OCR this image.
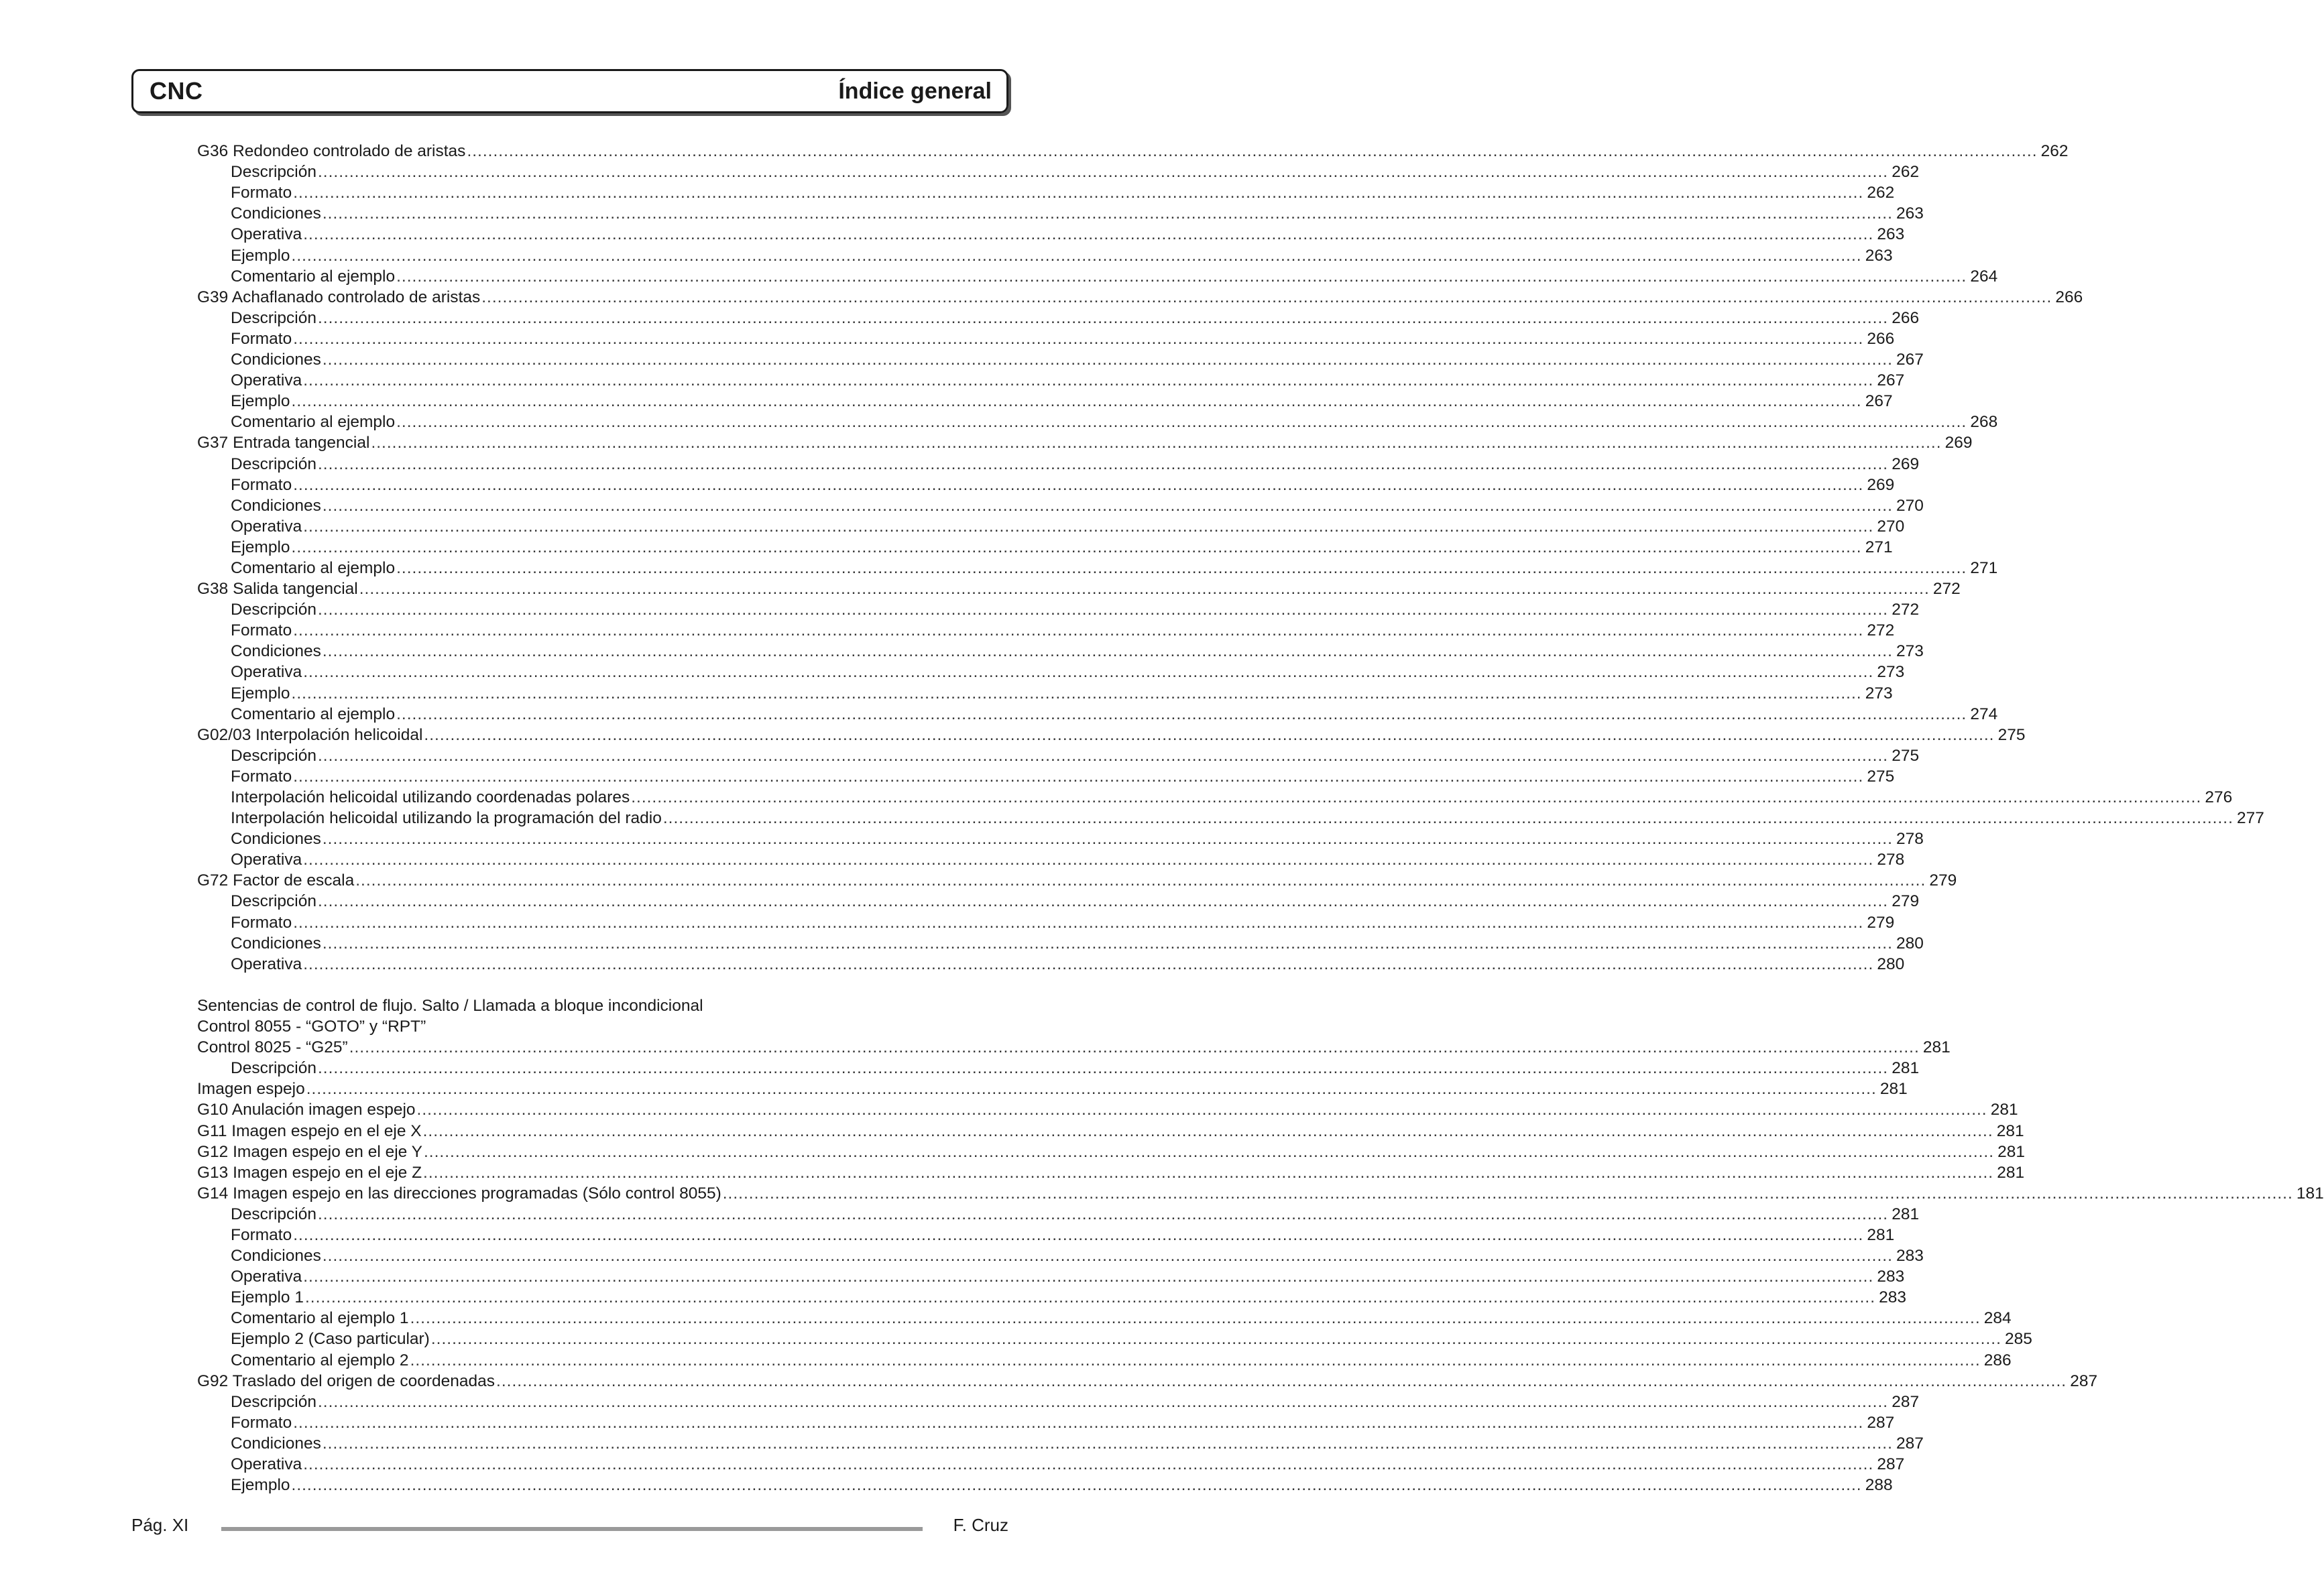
CNC	Índice general
G36 Redondeo controlado de aristas ............................................................................................................................................................................................................................................................................................................ 262
Descripción ............................................................................................................................................................................................................................................................................................................ 262
Formato ............................................................................................................................................................................................................................................................................................................ 262
Condiciones ............................................................................................................................................................................................................................................................................................................ 263
Operativa ............................................................................................................................................................................................................................................................................................................ 263
Ejemplo ............................................................................................................................................................................................................................................................................................................ 263
Comentario al ejemplo ............................................................................................................................................................................................................................................................................................................ 264
G39 Achaflanado controlado de aristas ............................................................................................................................................................................................................................................................................................................ 266
Descripción ............................................................................................................................................................................................................................................................................................................ 266
Formato ............................................................................................................................................................................................................................................................................................................ 266
Condiciones ............................................................................................................................................................................................................................................................................................................ 267
Operativa ............................................................................................................................................................................................................................................................................................................ 267
Ejemplo ............................................................................................................................................................................................................................................................................................................ 267
Comentario al ejemplo ............................................................................................................................................................................................................................................................................................................ 268
G37 Entrada tangencial ............................................................................................................................................................................................................................................................................................................ 269
Descripción ............................................................................................................................................................................................................................................................................................................ 269
Formato ............................................................................................................................................................................................................................................................................................................ 269
Condiciones ............................................................................................................................................................................................................................................................................................................ 270
Operativa ............................................................................................................................................................................................................................................................................................................ 270
Ejemplo ............................................................................................................................................................................................................................................................................................................ 271
Comentario al ejemplo ............................................................................................................................................................................................................................................................................................................ 271
G38 Salida tangencial ............................................................................................................................................................................................................................................................................................................ 272
Descripción ............................................................................................................................................................................................................................................................................................................ 272
Formato ............................................................................................................................................................................................................................................................................................................ 272
Condiciones ............................................................................................................................................................................................................................................................................................................ 273
Operativa ............................................................................................................................................................................................................................................................................................................ 273
Ejemplo ............................................................................................................................................................................................................................................................................................................ 273
Comentario al ejemplo ............................................................................................................................................................................................................................................................................................................ 274
G02/03 Interpolación helicoidal ............................................................................................................................................................................................................................................................................................................ 275
Descripción ............................................................................................................................................................................................................................................................................................................ 275
Formato ............................................................................................................................................................................................................................................................................................................ 275
Interpolación helicoidal utilizando coordenadas polares ............................................................................................................................................................................................................................................................................................................ 276
Interpolación helicoidal utilizando la programación del radio ............................................................................................................................................................................................................................................................................................................ 277
Condiciones ............................................................................................................................................................................................................................................................................................................ 278
Operativa ............................................................................................................................................................................................................................................................................................................ 278
G72 Factor de escala ............................................................................................................................................................................................................................................................................................................ 279
Descripción ............................................................................................................................................................................................................................................................................................................ 279
Formato ............................................................................................................................................................................................................................................................................................................ 279
Condiciones ............................................................................................................................................................................................................................................................................................................ 280
Operativa ............................................................................................................................................................................................................................................................................................................ 280
Sentencias de control de flujo. Salto / Llamada a bloque incondicional
Control 8055 - “GOTO” y “RPT”
Control 8025 - “G25” ............................................................................................................................................................................................................................................................................................................ 281
Descripción ............................................................................................................................................................................................................................................................................................................ 281
Imagen espejo ............................................................................................................................................................................................................................................................................................................ 281
G10 Anulación imagen espejo ............................................................................................................................................................................................................................................................................................................ 281
G11 Imagen espejo en el eje X ............................................................................................................................................................................................................................................................................................................ 281
G12 Imagen espejo en el eje Y ............................................................................................................................................................................................................................................................................................................ 281
G13 Imagen espejo en el eje Z ............................................................................................................................................................................................................................................................................................................ 281
G14 Imagen espejo en las direcciones programadas (Sólo control 8055) ............................................................................................................................................................................................................................................................................................................ 181
Descripción ............................................................................................................................................................................................................................................................................................................ 281
Formato ............................................................................................................................................................................................................................................................................................................ 281
Condiciones ............................................................................................................................................................................................................................................................................................................ 283
Operativa ............................................................................................................................................................................................................................................................................................................ 283
Ejemplo 1 ............................................................................................................................................................................................................................................................................................................ 283
Comentario al ejemplo 1 ............................................................................................................................................................................................................................................................................................................ 284
Ejemplo 2 (Caso particular) ............................................................................................................................................................................................................................................................................................................ 285
Comentario al ejemplo 2 ............................................................................................................................................................................................................................................................................................................ 286
G92 Traslado del origen de coordenadas ............................................................................................................................................................................................................................................................................................................ 287
Descripción ............................................................................................................................................................................................................................................................................................................ 287
Formato ............................................................................................................................................................................................................................................................................................................ 287
Condiciones ............................................................................................................................................................................................................................................................................................................ 287
Operativa ............................................................................................................................................................................................................................................................................................................ 287
Ejemplo ............................................................................................................................................................................................................................................................................................................ 288
Pág. XI	F. Cruz
